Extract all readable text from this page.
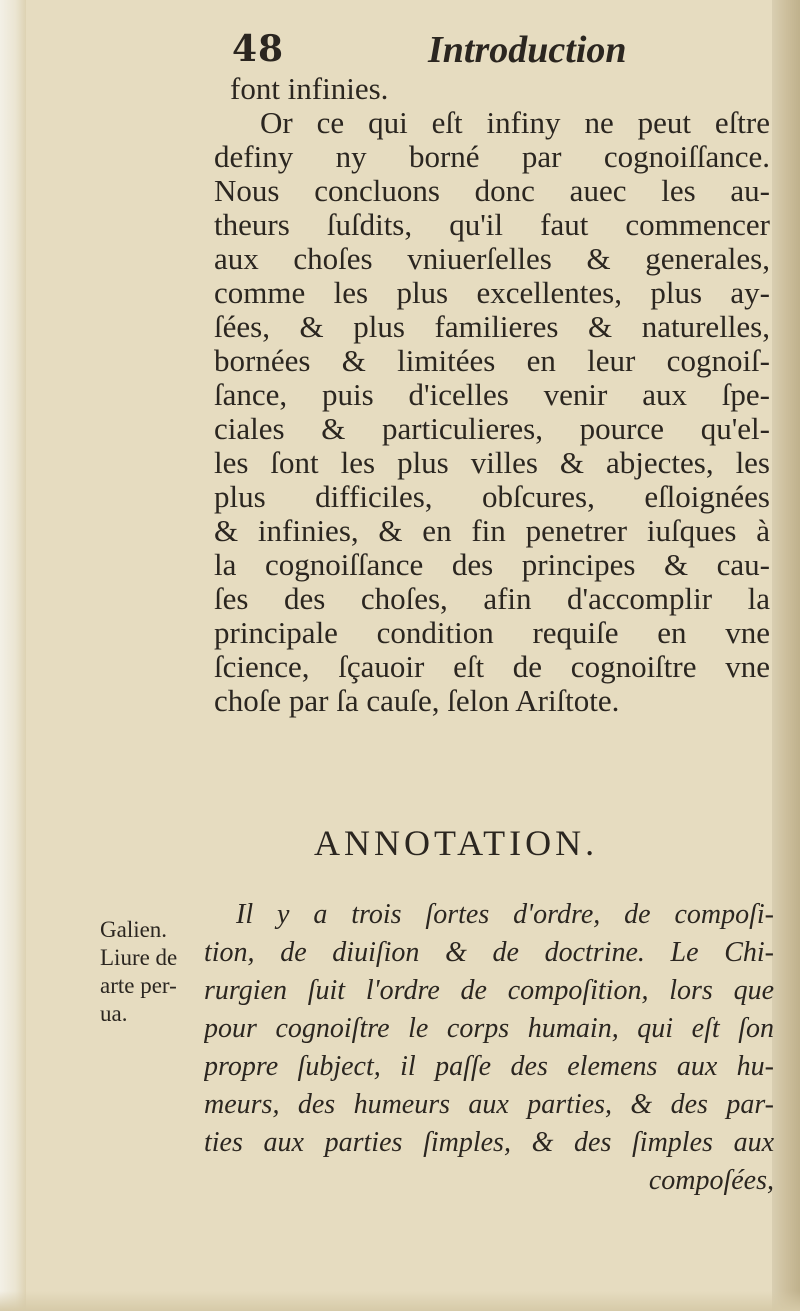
48	Introduction
font infinies.
Or ce qui eſt infiny ne peut eſtre
definy ny borné par cognoiſſance.
Nous concluons donc auec les au-
theurs ſuſdits, qu'il faut commencer
aux choſes vniuerſelles & generales,
comme les plus excellentes, plus ay-
ſées, & plus familieres & naturelles,
bornées & limitées en leur cognoiſ-
ſance, puis d'icelles venir aux ſpe-
ciales & particulieres, pource qu'el-
les ſont les plus villes & abjectes, les
plus difficiles, obſcures, eſloignées
& infinies, & en fin penetrer iuſques à
la cognoiſſance des principes & cau-
ſes des choſes, afin d'accomplir la
principale condition requiſe en vne
ſcience, ſçauoir eſt de cognoiſtre vne
choſe par ſa cauſe, ſelon Ariſtote.
ANNOTATION.
Galien.
Liure de
arte per-
ua.
Il y a trois ſortes d'ordre, de compoſi-
tion, de diuiſion & de doctrine. Le Chi-
rurgien ſuit l'ordre de compoſition, lors que
pour cognoiſtre le corps humain, qui eſt ſon
propre ſubject, il paſſe des elemens aux hu-
meurs, des humeurs aux parties, & des par-
ties aux parties ſimples, & des ſimples aux
compoſées,
